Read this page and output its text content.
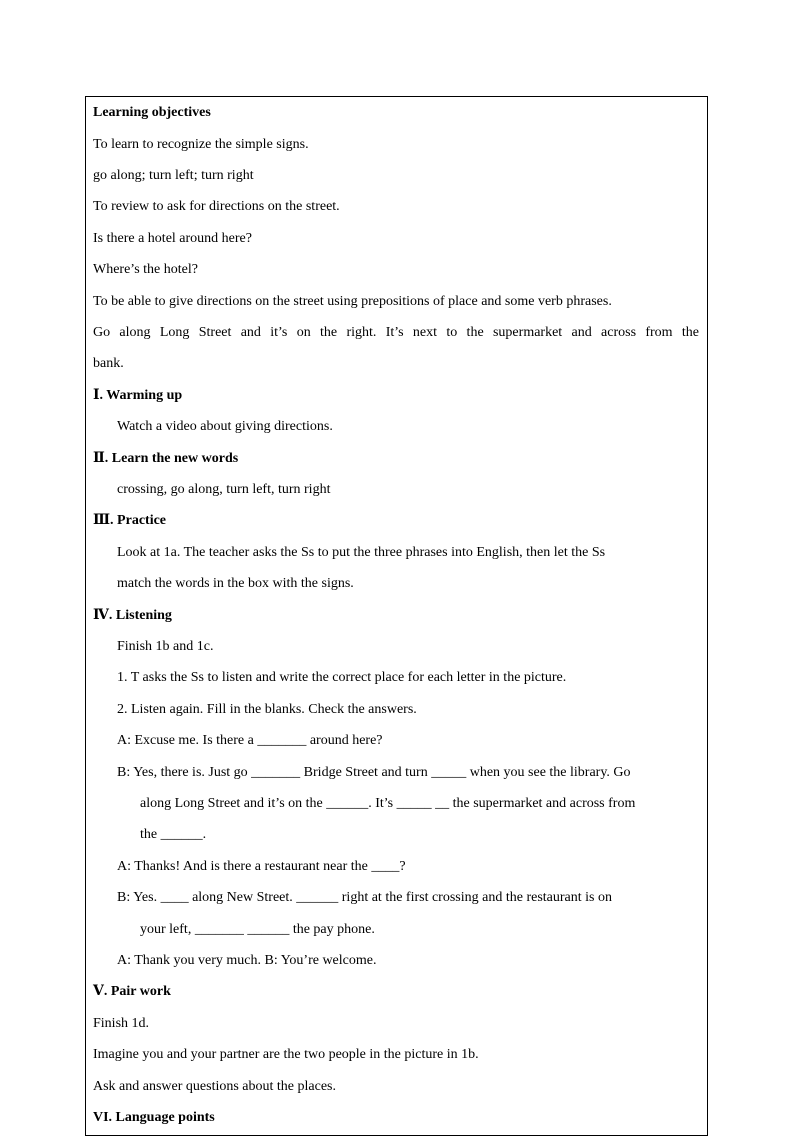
Learning objectives
To learn to recognize the simple signs.
go along; turn left; turn right
To review to ask for directions on the street.
Is there a hotel around here?
Where’s the hotel?
To be able to give directions on the street using prepositions of place and some verb phrases.
Go along Long Street and it’s on the right. It’s next to the supermarket and across from the
bank.
Ⅰ. Warming up
Watch a video about giving directions.
Ⅱ. Learn the new words
crossing, go along, turn left, turn right
Ⅲ. Practice
Look at 1a. The teacher asks the Ss to put the three phrases into English, then let the Ss
match the words in the box with the signs.
Ⅳ. Listening
Finish 1b and 1c.
1. T asks the Ss to listen and write the correct place for each letter in the picture.
2. Listen again. Fill in the blanks. Check the answers.
A: Excuse me. Is there a _______ around here?
B: Yes, there is. Just go _______ Bridge Street and turn _____ when you see the library. Go
along Long Street and it’s on the ______. It’s _____ __ the supermarket and across from
the ______.
A: Thanks! And is there a restaurant near the ____?
B: Yes. ____ along New Street. ______ right at the first crossing and the restaurant is on
your left, _______ ______ the pay phone.
A: Thank you very much. B: You’re welcome.
Ⅴ. Pair work
Finish 1d.
Imagine you and your partner are the two people in the picture in 1b.
Ask and answer questions about the places.
VI. Language points
